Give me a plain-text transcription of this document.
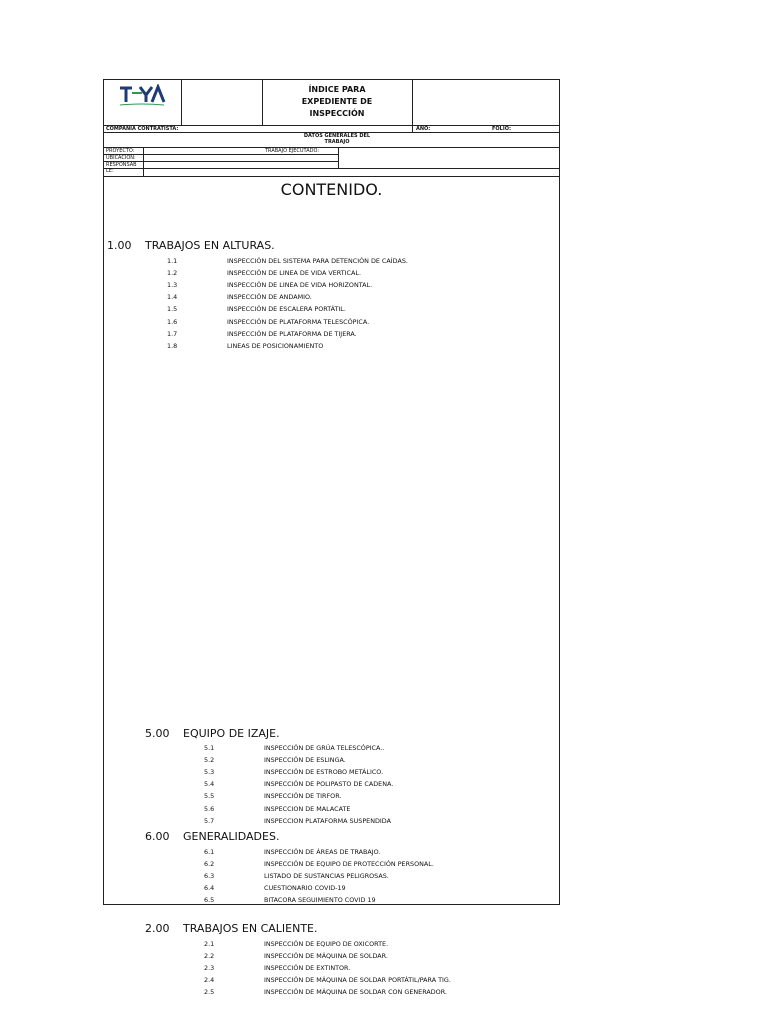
ÍNDICE PARA
EXPEDIENTE DE
INSPECCIÓN
COMPAÑÍA CONTRATISTA:	AÑO:	FOLIO:
DATOS GENERALES DEL
TRABAJO
PROYECTO:	TRABAJO EJECUTADO:
UBICACIÓN:
RESPONSAB
LE:
CONTENIDO.
1.00 TRABAJOS EN ALTURAS.
1.1	INSPECCIÓN DEL SISTEMA PARA DETENCIÓN DE CAÍDAS.
1.2	INSPECCIÓN DE LINEA DE VIDA VERTICAL.
1.3	INSPECCIÓN DE LINEA DE VIDA HORIZONTAL.
1.4	INSPECCIÓN DE ANDAMIO.
1.5	INSPECCIÓN DE ESCALERA PORTÁTIL.
1.6	INSPECCIÓN DE PLATAFORMA TELESCÓPICA.
1.7	INSPECCIÓN DE PLATAFORMA DE TIJERA.
1.8	LINEAS DE POSICIONAMIENTO
5.00 EQUIPO DE IZAJE.
5.1	INSPECCIÓN DE GRÚA TELESCÓPICA..
5.2	INSPECCIÓN DE ESLINGA.
5.3	INSPECCIÓN DE ESTROBO METÁLICO.
5.4	INSPECCIÓN DE POLIPASTO DE CADENA.
5.5	INSPECCIÓN DE TIRFOR.
5.6	INSPECCION DE MALACATE
5.7	INSPECCION PLATAFORMA SUSPENDIDA
6.00 GENERALIDADES.
6.1	INSPECCIÓN DE ÁREAS DE TRABAJO.
6.2	INSPECCIÓN DE EQUIPO DE PROTECCIÓN PERSONAL.
6.3	LISTADO DE SUSTANCIAS PELIGROSAS.
6.4	CUESTIONARIO COVID-19
6.5	BITACORA SEGUIMIENTO COVID 19
2.00 TRABAJOS EN CALIENTE.
2.1	INSPECCIÓN DE EQUIPO DE OXICORTE.
2.2	INSPECCIÓN DE MÁQUINA DE SOLDAR.
2.3	INSPECCIÓN DE EXTINTOR.
2.4	INSPECCIÓN DE MÁQUINA DE SOLDAR PORTÁTIL/PARA TIG.
2.5	INSPECCIÓN DE MÁQUINA DE SOLDAR CON GENERADOR.
